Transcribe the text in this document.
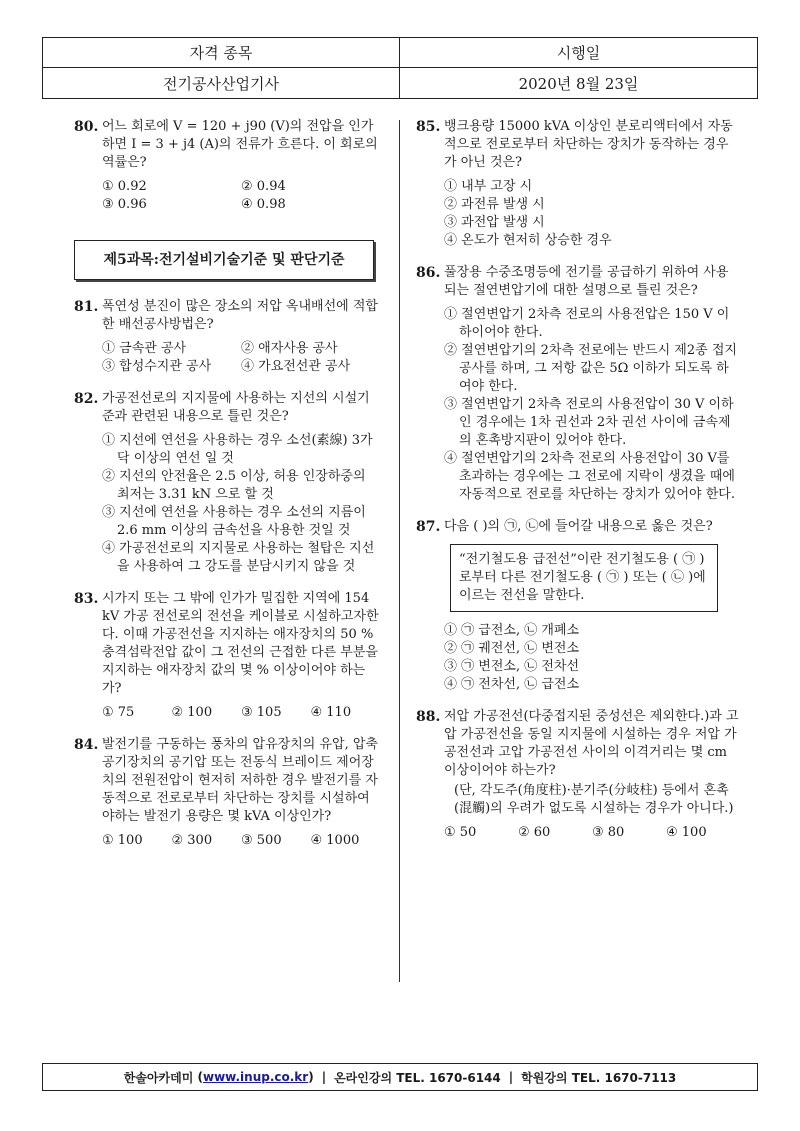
자격 종목	시행일
전기공사산업기사	2020년 8월 23일
80. 어느 회로에 V = 120 + j90 (V)의 전압을 인가하면 I = 3 + j4 (A)의 전류가 흐른다. 이 회로의 역률은?

① 0.92	② 0.94
③ 0.96	④ 0.98
제5과목:전기설비기술기준 및 판단기준
81. 폭연성 분진이 많은 장소의 저압 옥내배선에 적합한 배선공사방법은?

① 금속관 공사	② 애자사용 공사
③ 합성수지관 공사	④ 가요전선관 공사
82. 가공전선로의 지지물에 사용하는 지선의 시설기준과 관련된 내용으로 틀린 것은?

① 지선에 연선을 사용하는 경우 소선(素線) 3가닥 이상의 연선 일 것
② 지선의 안전율은 2.5 이상, 허용 인장하중의 최저는 3.31 kN 으로 할 것
③ 지선에 연선을 사용하는 경우 소선의 지름이 2.6 mm 이상의 금속선을 사용한 것일 것
④ 가공전선로의 지지물로 사용하는 철탑은 지선을 사용하여 그 강도를 분담시키지 않을 것
83. 시가지 또는 그 밖에 인가가 밀집한 지역에 154 kV 가공 전선로의 전선을 케이블로 시설하고자한다. 이때 가공전선을 지지하는 애자장치의 50 % 충격섬락전압 값이 그 전선의 근접한 다른 부분을 지지하는 애자장치 값의 몇 % 이상이어야 하는가?

① 75	② 100	③ 105	④ 110
84. 발전기를 구동하는 풍차의 압유장치의 유압, 압축공기장치의 공기압 또는 전동식 브레이드 제어장치의 전원전압이 현저히 저하한 경우 발전기를 자동적으로 전로로부터 차단하는 장치를 시설하여야하는 발전기 용량은 몇 kVA 이상인가?

① 100	② 300	③ 500	④ 1000
85. 뱅크용량 15000 kVA 이상인 분로리액터에서 자동적으로 전로로부터 차단하는 장치가 동작하는 경우가 아닌 것은?

① 내부 고장 시
② 과전류 발생 시
③ 과전압 발생 시
④ 온도가 현저히 상승한 경우
86. 풀장용 수중조명등에 전기를 공급하기 위하여 사용되는 절연변압기에 대한 설명으로 틀린 것은?

① 절연변압기 2차측 전로의 사용전압은 150 V 이하이어야 한다.
② 절연변압기의 2차측 전로에는 반드시 제2종 접지공사를 하며, 그 저항 값은 5Ω 이하가 되도록 하여야 한다.
③ 절연변압기 2차측 전로의 사용전압이 30 V 이하인 경우에는 1차 권선과 2차 권선 사이에 금속제의 혼촉방지판이 있어야 한다.
④ 절연변압기의 2차측 전로의 사용전압이 30 V를 초과하는 경우에는 그 전로에 지락이 생겼을 때에 자동적으로 전로를 차단하는 장치가 있어야 한다.
87. 다음 ( )의 ㉠, ㉡에 들어갈 내용으로 옳은 것은?

“전기철도용 급전선”이란 전기철도용 ( ㉠ )로부터 다른 전기철도용 ( ㉠ ) 또는 ( ㉡ )에 이르는 전선을 말한다.
① ㉠ 급전소, ㉡ 개폐소
② ㉠ 궤전선, ㉡ 변전소
③ ㉠ 변전소, ㉡ 전차선
④ ㉠ 전차선, ㉡ 급전소
88. 저압 가공전선(다중접지된 중성선은 제외한다.)과 고압 가공전선을 동일 지지물에 시설하는 경우 저압 가공전선과 고압 가공전선 사이의 이격거리는 몇 cm 이상이어야 하는가?

(단, 각도주(角度柱)·분기주(分岐柱) 등에서 혼촉(混觸)의 우려가 없도록 시설하는 경우가 아니다.)
① 50	② 60	③ 80	④ 100
한솔아카데미 ( www.inup.co.kr ) | 온라인강의 TEL. 1670-6144 | 학원강의 TEL. 1670-7113
